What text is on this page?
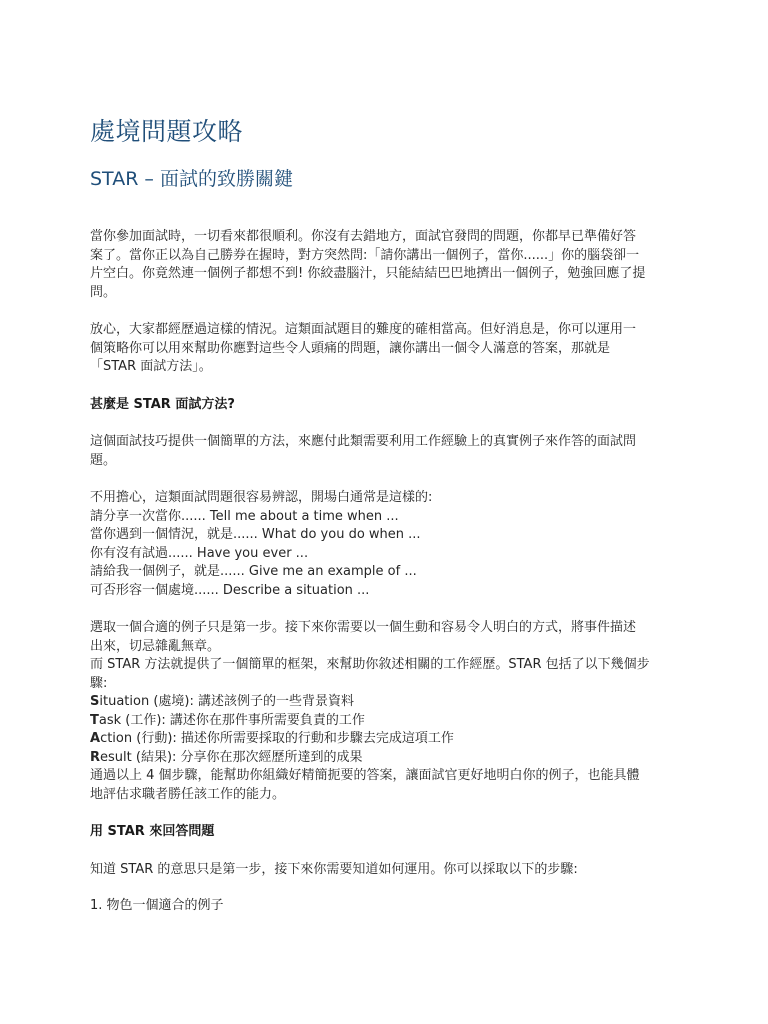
處境問題攻略
STAR – 面試的致勝關鍵

當你參加面試時，一切看來都很順利。你沒有去錯地方，面試官發問的問題，你都早已準備好答
案了。當你正以為自己勝券在握時，對方突然問:「請你講出一個例子，當你......」你的腦袋卻一
片空白。你竟然連一個例子都想不到! 你絞盡腦汁，只能結結巴巴地擠出一個例子，勉強回應了提
問。

放心，大家都經歷過這樣的情況。這類面試題目的難度的確相當高。但好消息是，你可以運用一
個策略你可以用來幫助你應對這些令人頭痛的問題，讓你講出一個令人滿意的答案，那就是
「STAR 面試方法」。

甚麼是 STAR 面試方法?

這個面試技巧提供一個簡單的方法，來應付此類需要利用工作經驗上的真實例子來作答的面試問
題。

不用擔心，這類面試問題很容易辨認，開場白通常是這樣的:
請分享一次當你...... Tell me about a time when ...
當你遇到一個情況，就是...... What do you do when ...
你有沒有試過...... Have you ever ...
請給我一個例子，就是...... Give me an example of ...
可否形容一個處境...... Describe a situation ...

選取一個合適的例子只是第一步。接下來你需要以一個生動和容易令人明白的方式，將事件描述
出來，切忌雜亂無章。
而 STAR 方法就提供了一個簡單的框架，來幫助你敘述相關的工作經歷。STAR 包括了以下幾個步
驟:
Situation (處境): 講述該例子的一些背景資料
Task (工作): 講述你在那件事所需要負責的工作
Action (行動): 描述你所需要採取的行動和步驟去完成這項工作
Result (結果): 分享你在那次經歷所達到的成果
通過以上 4 個步驟，能幫助你組織好精簡扼要的答案，讓面試官更好地明白你的例子，也能具體
地評估求職者勝任該工作的能力。

用 STAR 來回答問題

知道 STAR 的意思只是第一步，接下來你需要知道如何運用。你可以採取以下的步驟:

1. 物色一個適合的例子
